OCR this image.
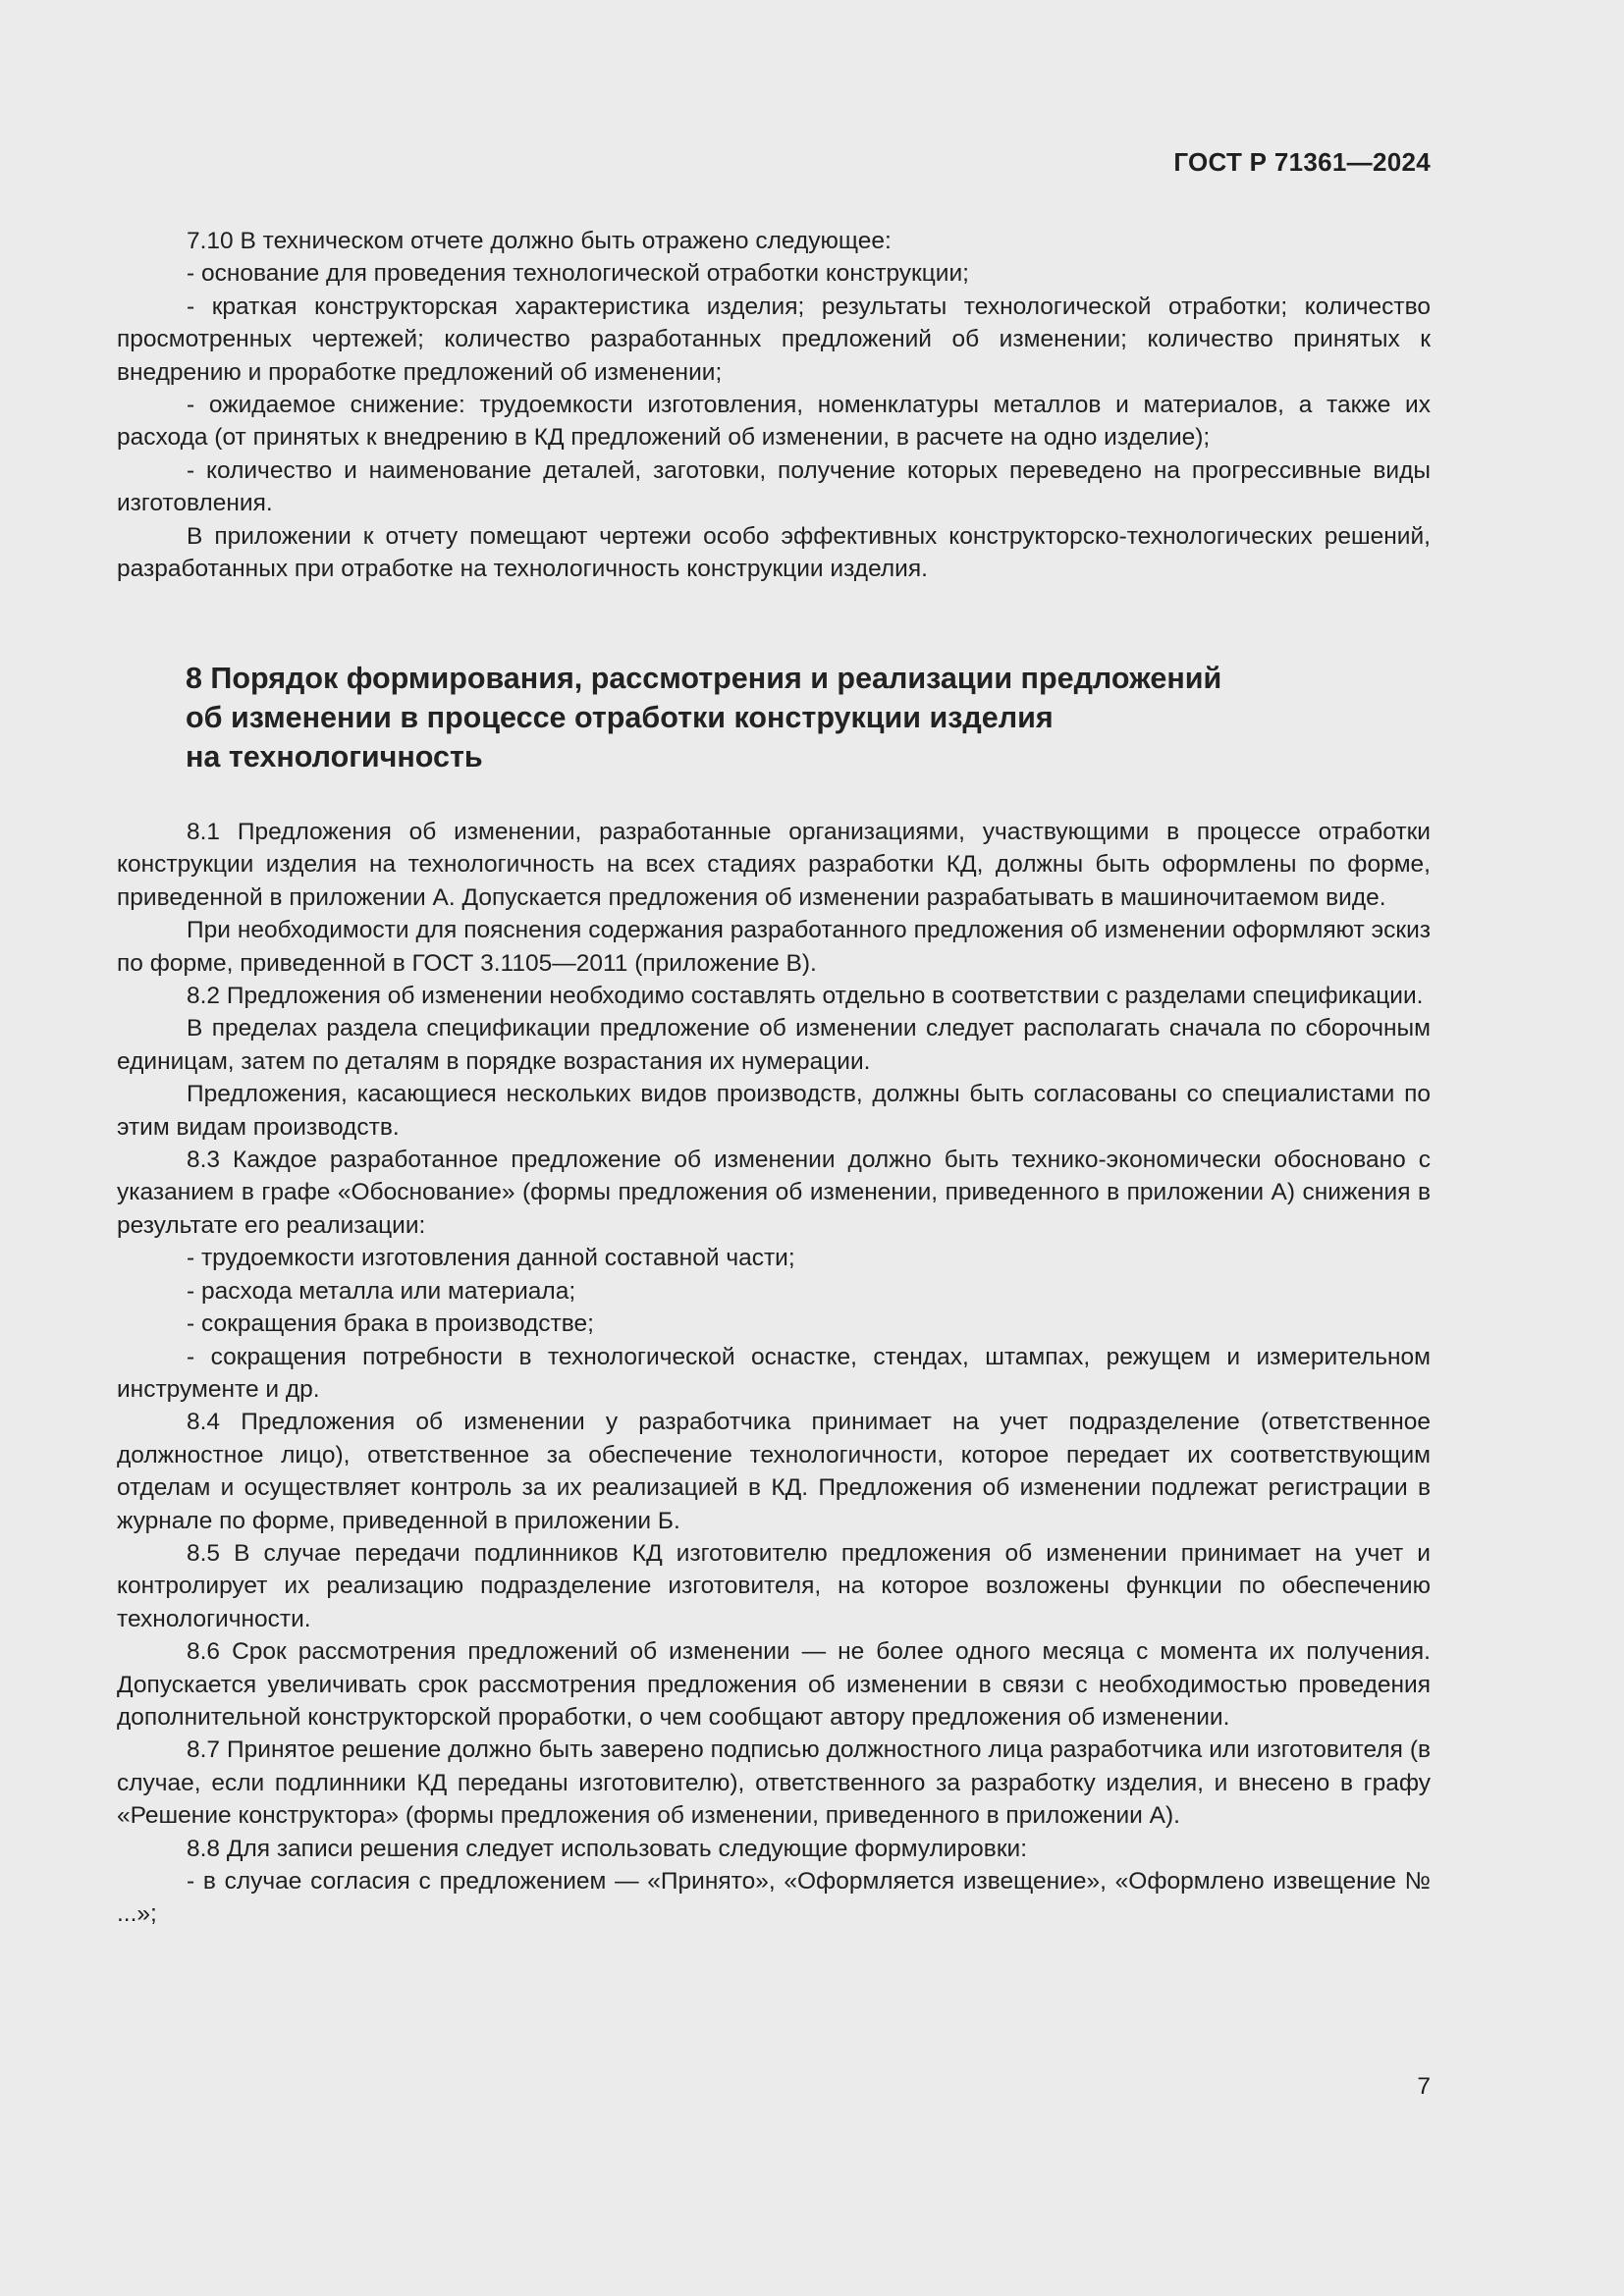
ГОСТ Р 71361—2024

7.10 В техническом отчете должно быть отражено следующее:

- основание для проведения технологической отработки конструкции;

- краткая конструкторская характеристика изделия; результаты технологической отработки; количество просмотренных чертежей; количество разработанных предложений об изменении; количество принятых к внедрению и проработке предложений об изменении;

- ожидаемое снижение: трудоемкости изготовления, номенклатуры металлов и материалов, а также их расхода (от принятых к внедрению в КД предложений об изменении, в расчете на одно изделие);

- количество и наименование деталей, заготовки, получение которых переведено на прогрессивные виды изготовления.

В приложении к отчету помещают чертежи особо эффективных конструкторско-технологических решений, разработанных при отработке на технологичность конструкции изделия.

8 Порядок формирования, рассмотрения и реализации предложений
об изменении в процессе отработки конструкции изделия
на технологичность

8.1 Предложения об изменении, разработанные организациями, участвующими в процессе отработки конструкции изделия на технологичность на всех стадиях разработки КД, должны быть оформлены по форме, приведенной в приложении А. Допускается предложения об изменении разрабатывать в машиночитаемом виде.

При необходимости для пояснения содержания разработанного предложения об изменении оформляют эскиз по форме, приведенной в ГОСТ 3.1105—2011 (приложение В).

8.2 Предложения об изменении необходимо составлять отдельно в соответствии с разделами спецификации.

В пределах раздела спецификации предложение об изменении следует располагать сначала по сборочным единицам, затем по деталям в порядке возрастания их нумерации.

Предложения, касающиеся нескольких видов производств, должны быть согласованы со специалистами по этим видам производств.

8.3 Каждое разработанное предложение об изменении должно быть технико-экономически обосновано с указанием в графе «Обоснование» (формы предложения об изменении, приведенного в приложении А) снижения в результате его реализации:

- трудоемкости изготовления данной составной части;

- расхода металла или материала;

- сокращения брака в производстве;

- сокращения потребности в технологической оснастке, стендах, штампах, режущем и измерительном инструменте и др.

8.4 Предложения об изменении у разработчика принимает на учет подразделение (ответственное должностное лицо), ответственное за обеспечение технологичности, которое передает их соответствующим отделам и осуществляет контроль за их реализацией в КД. Предложения об изменении подлежат регистрации в журнале по форме, приведенной в приложении Б.

8.5 В случае передачи подлинников КД изготовителю предложения об изменении принимает на учет и контролирует их реализацию подразделение изготовителя, на которое возложены функции по обеспечению технологичности.

8.6 Срок рассмотрения предложений об изменении — не более одного месяца с момента их получения. Допускается увеличивать срок рассмотрения предложения об изменении в связи с необходимостью проведения дополнительной конструкторской проработки, о чем сообщают автору предложения об изменении.

8.7 Принятое решение должно быть заверено подписью должностного лица разработчика или изготовителя (в случае, если подлинники КД переданы изготовителю), ответственного за разработку изделия, и внесено в графу «Решение конструктора» (формы предложения об изменении, приведенного в приложении А).

8.8 Для записи решения следует использовать следующие формулировки:

- в случае согласия с предложением — «Принято», «Оформляется извещение», «Оформлено извещение № ...»;

7
